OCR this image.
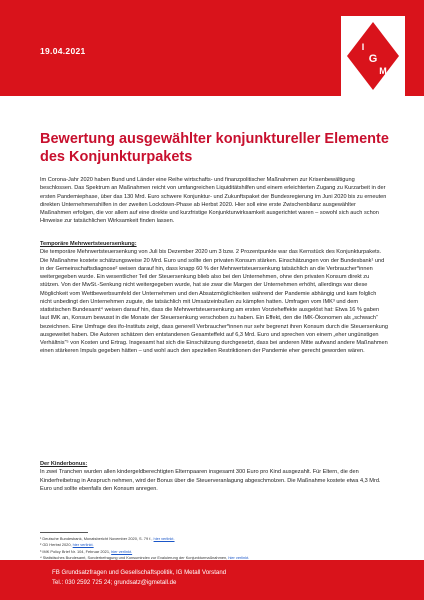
19.04.2021	I
G
M
Bewertung ausgewählter konjunktureller Elemente
des Konjunkturpakets
Im Corona-Jahr 2020 haben Bund und Länder eine Reihe wirtschafts- und finanzpolitischer Maßnahmen zur Krisenbewältigung beschlossen. Das Spektrum an Maßnahmen reicht von umfangreichen Liquiditätshilfen und einem erleichterten Zugang zu Kurzarbeit in der ersten Pandemiephase, über das 130 Mrd. Euro schwere Konjunktur- und Zukunftspaket der Bundesregierung im Juni 2020 bis zu erneuten direkten Unternehmenshilfen in der zweiten Lockdown-Phase ab Herbst 2020. Hier soll eine erste Zwischenbilanz ausgewählter Maßnahmen erfolgen, die vor allem auf eine direkte und kurzfristige Konjunkturwirksamkeit ausgerichtet waren – sowohl sich auch schon Hinweise zur tatsächlichen Wirksamkeit finden lassen.
Temporäre Mehrwertsteuersenkung:
Die temporäre Mehrwertsteuersenkung von Juli bis Dezember 2020 um 3 bzw. 2 Prozentpunkte war das Kernstück des Konjunkturpakets. Die Maßnahme kostete schätzungsweise 20 Mrd. Euro und sollte den privaten Konsum stärken. Einschätzungen von der Bundesbank¹ und in der Gemeinschaftsdiagnose² weisen darauf hin, dass knapp 60 % der Mehrwertsteuersenkung tatsächlich an die Verbraucher*innen weitergegeben wurde. Ein wesentlicher Teil der Steuersenkung blieb also bei den Unternehmen, ohne den privaten Konsum direkt zu stützen. Von der MwSt.-Senkung nicht weitergegeben wurde, hat sie zwar die Margen der Unternehmen erhöht, allerdings war diese Möglichkeit vom Wettbewerbsumfeld der Unternehmen und den Absatzmöglichkeiten während der Pandemie abhängig und kam folglich nicht unbedingt den Unternehmen zugute, die tatsächlich mit Umsatzeinbußen zu kämpfen hatten. Umfragen vom IMK³ und dem statistischen Bundesamt⁴ weisen darauf hin, dass die Mehrwertsteuersenkung am ersten Vorzieheffekte ausgelöst hat: Etwa 16 % gaben laut IMK an, Konsum bewusst in die Monate der Steuersenkung verschoben zu haben. Ein Effekt, den die IMK-Ökonomen als „schwach“ bezeichnen. Eine Umfrage des ifo-Instituts zeigt, dass generell Verbraucher*innen nur sehr begrenzt ihren Konsum durch die Steuersenkung ausgeweitet haben. Die Autoren schätzen den entstandenen Gesamteffekt auf 6,3 Mrd. Euro und sprechen von einem „eher ungünstigen Verhältnis“⁵ von Kosten und Ertrag. Insgesamt hat sich die Einschätzung durchgesetzt, dass bei anderen Mitte aufwand andere Maßnahmen einen stärkeren Impuls gegeben hätten – und wohl auch den speziellen Restriktionen der Pandemie eher gerecht geworden wären.
Der Kinderbonus:
In zwei Tranchen wurden allen kindergeldberechtigten Elternpaaren insgesamt 300 Euro pro Kind ausgezahlt. Für Eltern, die den Kinderfreibetrag in Anspruch nehmen, wird der Bonus über die Steuerveranlagung abgeschmolzen. Die Maßnahme kostete etwa 4,3 Mrd. Euro und sollte ebenfalls den Konsum anregen.
¹ Deutsche Bundesbank, Monatsbericht November 2020, S. 79 f., hier verlinkt.
² GD Herbst 2020, hier verlinkt.
³ IMK Policy Brief Nr. 104, Februar 2021, hier verlinkt.
⁴ Statistisches Bundesamt, Sonderbefragung und Konsumindex zur Evaluierung der Konjunkturmaßnahmen, hier verlinkt.
FB Grundsatzfragen und Gesellschaftspolitik, IG Metall Vorstand
Tel.: 030 2592 725 24; grundsatz@igmetall.de
